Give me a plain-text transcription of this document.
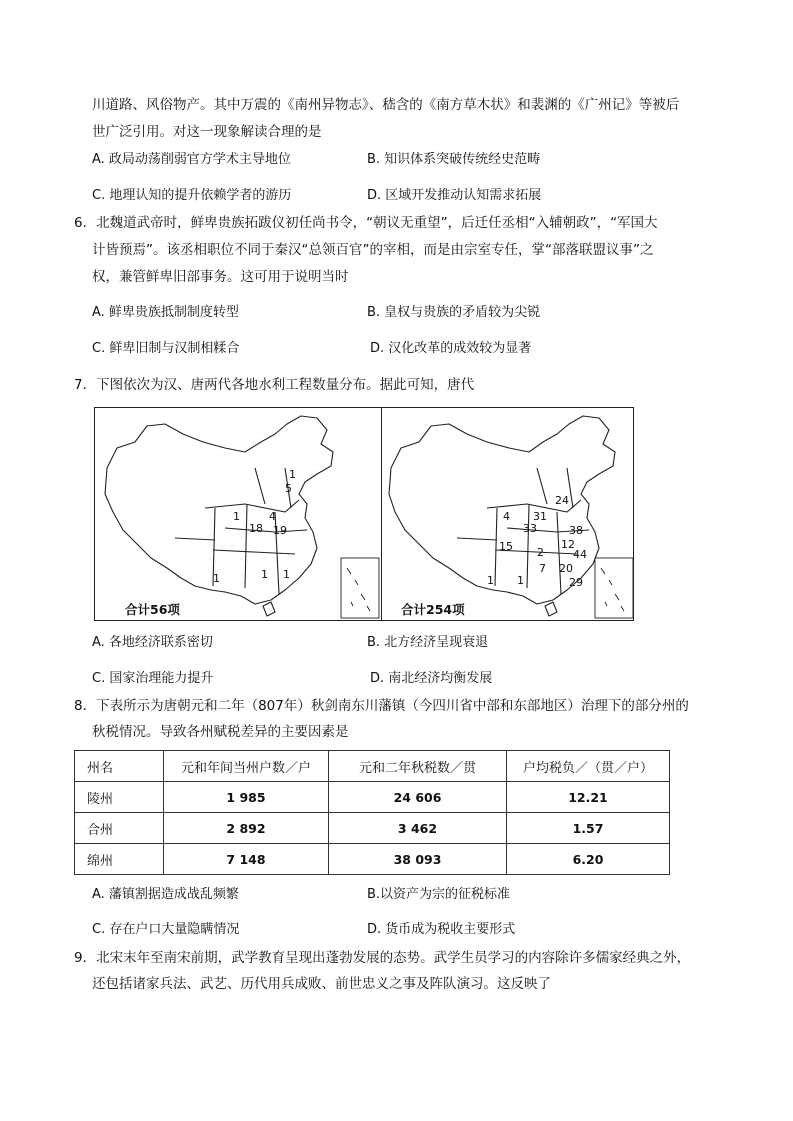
川道路、风俗物产。其中万震的《南州异物志》、嵇含的《南方草木状》和裴渊的《广州记》等被后
世广泛引用。对这一现象解读合理的是
A. 政局动荡削弱官方学术主导地位	B. 知识体系突破传统经史范畴
C. 地理认知的提升依赖学者的游历	D. 区域开发推动认知需求拓展
6．北魏道武帝时，鲜卑贵族拓跋仪初任尚书令，“朝议无重望”，后迁任丞相“入辅朝政”，“军国大
计皆预焉”。该丞相职位不同于秦汉“总领百官”的宰相，而是由宗室专任，掌“部落联盟议事”之
权，兼管鲜卑旧部事务。这可用于说明当时
A. 鲜卑贵族抵制制度转型	B. 皇权与贵族的矛盾较为尖锐
C. 鲜卑旧制与汉制相糅合	D. 汉化改革的成效较为显著
7．下图依次为汉、唐两代各地水利工程数量分布。据此可知，唐代
1
4
5
18 19
1
1	1 1
合计56项
24
33
31
38
15	12
44
4
1
7 20
29
2
1
合计254项
A. 各地经济联系密切	B. 北方经济呈现衰退
C. 国家治理能力提升	D. 南北经济均衡发展
8．下表所示为唐朝元和二年（807年）秋剑南东川藩镇（今四川省中部和东部地区）治理下的部分州的
秋税情况。导致各州赋税差异的主要因素是
州名	元和年间当州户数／户	元和二年秋税数／贯	户均税负／（贯／户）
陵州	1 985	24 606	12.21
合州	2 892	3 462	1.57
绵州	7 148	38 093	6.20
A. 藩镇割据造成战乱频繁	B.以资产为宗的征税标准
C. 存在户口大量隐瞒情况	D. 货币成为税收主要形式
9．北宋末年至南宋前期，武学教育呈现出蓬勃发展的态势。武学生员学习的内容除许多儒家经典之外，
还包括诸家兵法、武艺、历代用兵成败、前世忠义之事及阵队演习。这反映了
